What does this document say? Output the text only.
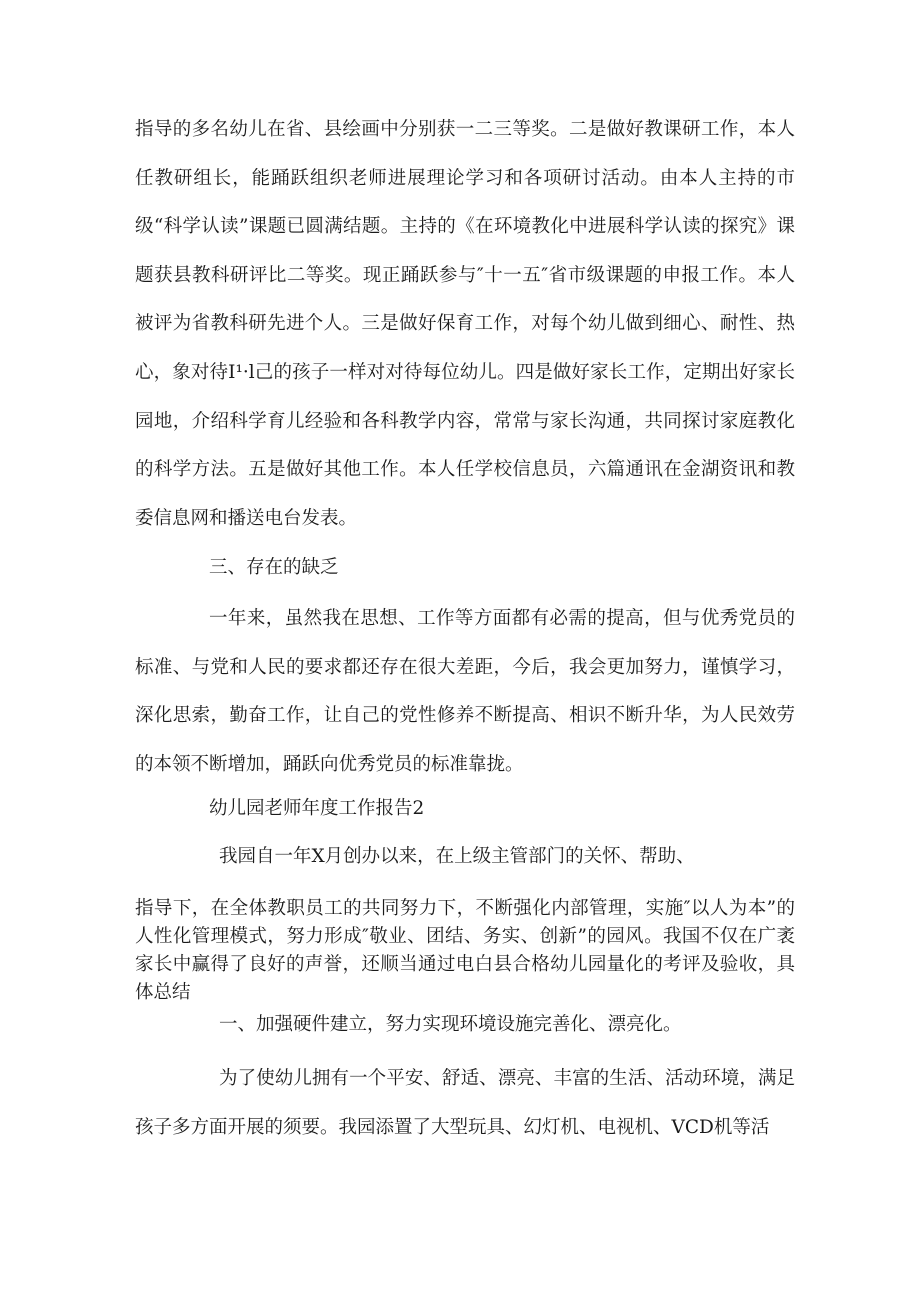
指导的多名幼儿在省、县绘画中分别获一二三等奖。二是做好教课研工作，本人任教研组长，能踊跃组织老师进展理论学习和各项研讨活动。由本人主持的市级“科学认读”课题已圆满结题。主持的《在环境教化中进展科学认读的探究》课题获县教科研评比二等奖。现正踊跃参与″十一五″省市级课题的申报工作。本人被评为省教科研先进个人。三是做好保育工作，对每个幼儿做到细心、耐性、热心，象对待I¹·l己的孩子一样对对待每位幼儿。四是做好家长工作，定期出好家长园地，介绍科学育儿经验和各科教学内容，常常与家长沟通，共同探讨家庭教化的科学方法。五是做好其他工作。本人任学校信息员，六篇通讯在金湖资讯和教委信息网和播送电台发表。

三、存在的缺乏

一年来，虽然我在思想、工作等方面都有必需的提高，但与优秀党员的标准、与党和人民的要求都还存在很大差距，今后，我会更加努力，谨慎学习，深化思索，勤奋工作，让自己的党性修养不断提高、相识不断升华，为人民效劳的本领不断增加，踊跃向优秀党员的标准靠拢。

幼儿园老师年度工作报告2

我园自一年X月创办以来，在上级主管部门的关怀、帮助、

指导下，在全体教职员工的共同努力下，不断强化内部管理，实施″以人为本”的人性化管理模式，努力形成″敬业、团结、务实、创新”的园风。我国不仅在广袤家长中赢得了良好的声誉，还顺当通过电白县合格幼儿园量化的考评及验收，具体总结

一、加强硬件建立，努力实现环境设施完善化、漂亮化。

为了使幼儿拥有一个平安、舒适、漂亮、丰富的生活、活动环境，满足孩子多方面开展的须要。我园添置了大型玩具、幻灯机、电视机、VCD机等活
